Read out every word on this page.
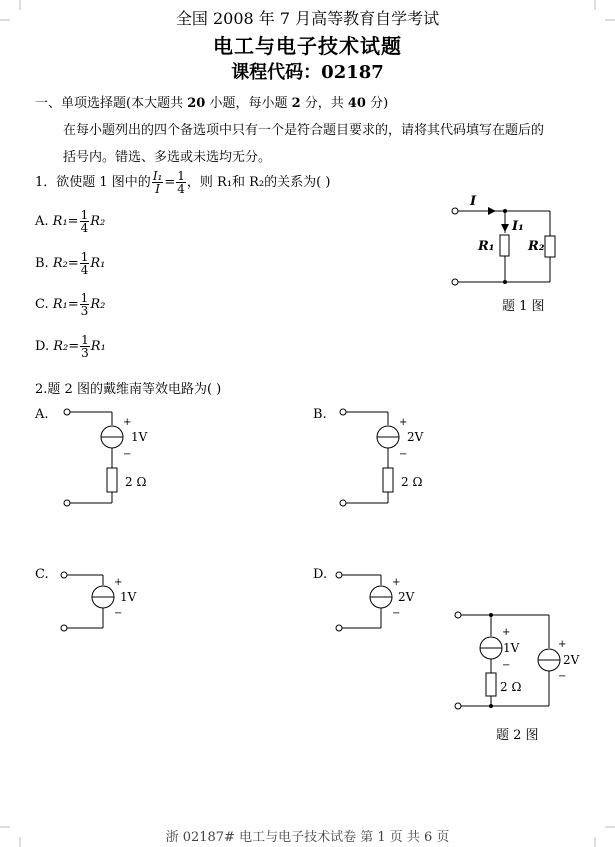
全国 2008 年 7 月高等教育自学考试
电工与电子技术试题
课程代码：02187
一、单项选择题(本大题共 20 小题，每小题 2 分，共 40 分)
在每小题列出的四个备选项中只有一个是符合题目要求的，请将其代码填写在题后的
括号内。错选、多选或未选均无分。
1．欲使题 1 图中的 $\frac{\text{I₁}}{I} = \frac{1}{4}$ ，则 R₁和 R₂的关系为( )
A. $R_1= \frac{1}{4} R_2$
B. $R_2= \frac{1}{4} R_1$
C. $R_1= \frac{1}{3} R_2$
D. $R_2= \frac{1}{3} R_1$
I
I₁
R₁	R₂
题 1 图
2.题 2 图的戴维南等效电路为( )
A.
+
−
1V
2 Ω
B.
+
−
2V
2 Ω
C.
+
−
1V
D.
+
−
2V
+
−
1V
2 Ω
+
−
2V
题 2 图
浙 02187# 电工与电子技术试卷 第 1 页 共 6 页
